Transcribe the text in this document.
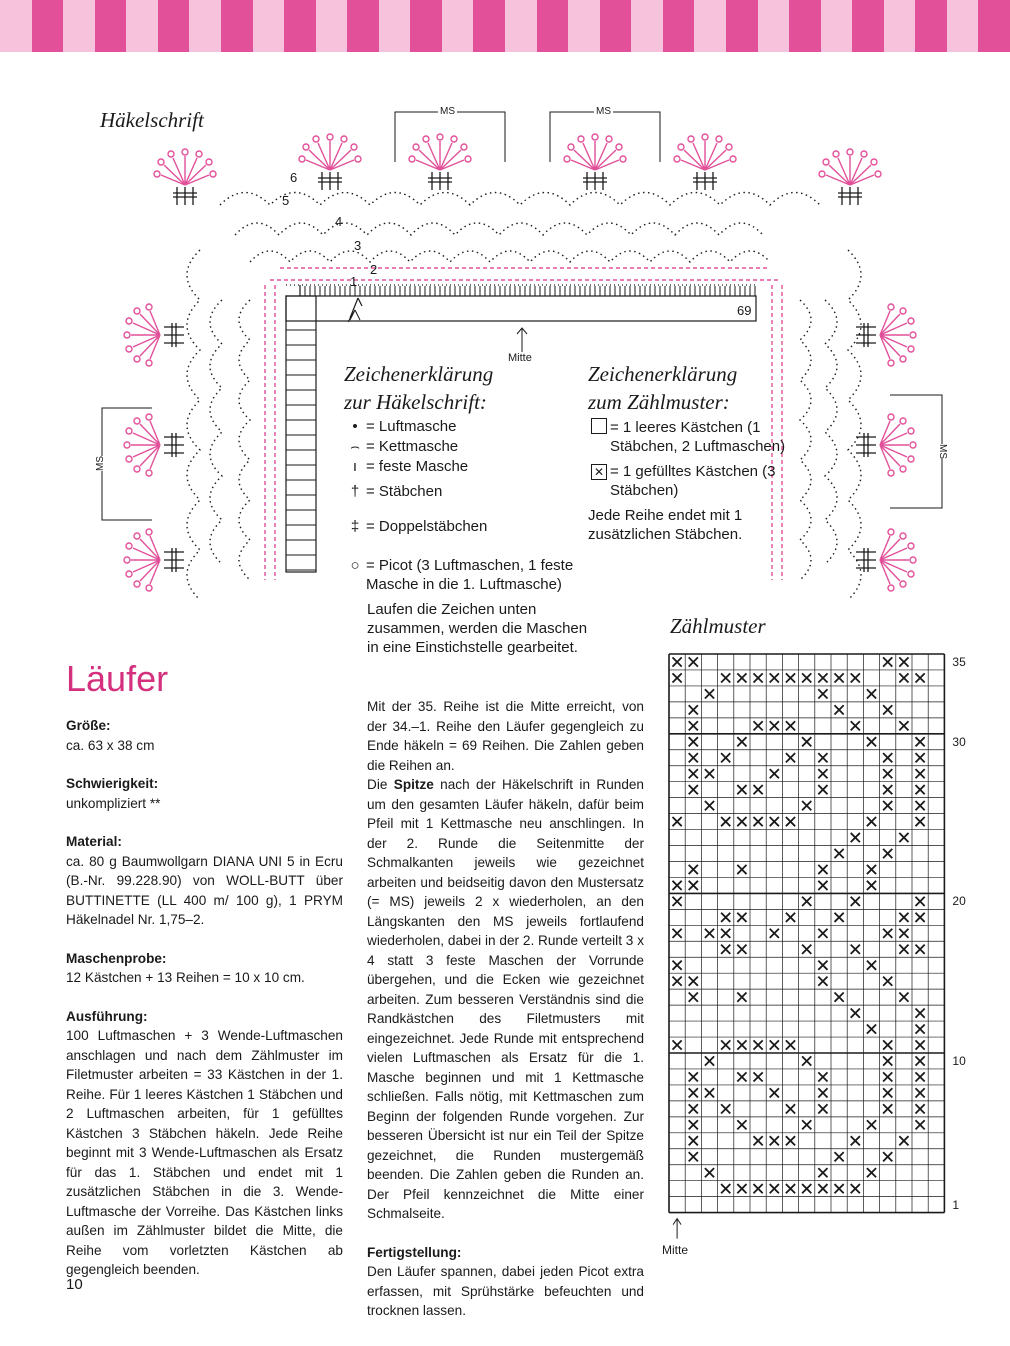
Häkelschrift	MS	MS
MS
MS
6
5
4
3
2
1
69
Mitte
Zeichenerklärung
zur Häkelschrift:
• = Luftmasche
⌢ = Kettmasche
ı = feste Masche
† = Stäbchen
‡ = Doppelstäbchen
○ = Picot (3 Luftmaschen, 1 feste Masche in die 1. Luftmasche)
Laufen die Zeichen unten zusammen, werden die Maschen in eine Einstichstelle gearbeitet.
Zeichenerklärung
zum Zählmuster:
= 1 leeres Kästchen (1 Stäbchen, 2 Luftmaschen)
✕ = 1 gefülltes Kästchen (3 Stäbchen)
Jede Reihe endet mit 1 zusätzlichen Stäbchen.
Läufer
Größe:
ca. 63 x 38 cm
Schwierigkeit:
unkompliziert **
Material:
ca. 80 g Baumwollgarn DIANA UNI 5 in Ecru (B.-Nr. 99.228.90) von WOLL-BUTT über BUTTINETTE (LL 400 m/ 100 g), 1 PRYM Häkelnadel Nr. 1,75–2.
Maschenprobe:
12 Kästchen + 13 Reihen = 10 x 10 cm.
Ausführung:
100 Luftmaschen + 3 Wende-Luftmaschen anschlagen und nach dem Zählmuster im Filetmuster arbeiten = 33 Kästchen in der 1. Reihe. Für 1 leeres Kästchen 1 Stäbchen und 2 Luftmaschen arbeiten, für 1 gefülltes Kästchen 3 Stäbchen häkeln. Jede Reihe beginnt mit 3 Wende-Luftmaschen als Ersatz für das 1. Stäbchen und endet mit 1 zusätzlichen Stäbchen in die 3. Wende-Luftmasche der Vorreihe. Das Kästchen links außen im Zählmuster bildet die Mitte, die Reihe vom vorletzten Kästchen ab gegengleich beenden.
Mit der 35. Reihe ist die Mitte erreicht, von der 34.–1. Reihe den Läufer gegengleich zu Ende häkeln = 69 Reihen. Die Zahlen geben die Reihen an.
Die Spitze nach der Häkelschrift in Runden um den gesamten Läufer häkeln, dafür beim Pfeil mit 1 Kettmasche neu anschlingen. In der 2. Runde die Seitenmitte der Schmalkanten jeweils wie gezeichnet arbeiten und beidseitig davon den Mustersatz (= MS) jeweils 2 x wiederholen, an den Längskanten den MS jeweils fortlaufend wiederholen, dabei in der 2. Runde verteilt 3 x 4 statt 3 feste Maschen der Vorrunde übergehen, und die Ecken wie gezeichnet arbeiten. Zum besseren Verständnis sind die Randkästchen des Filetmusters mit eingezeichnet. Jede Runde mit entsprechend vielen Luftmaschen als Ersatz für die 1. Masche beginnen und mit 1 Kettmasche schließen. Falls nötig, mit Kettmaschen zum Beginn der folgenden Runde vorgehen. Zur besseren Übersicht ist nur ein Teil der Spitze gezeichnet, die Runden mustergemäß beenden. Die Zahlen geben die Runden an. Der Pfeil kennzeichnet die Mitte einer Schmalseite.
Fertigstellung:
Den Läufer spannen, dabei jeden Picot extra erfassen, mit Sprühstärke befeuchten und trocknen lassen.
Zählmuster
35
30
20
10
1
Mitte
10
